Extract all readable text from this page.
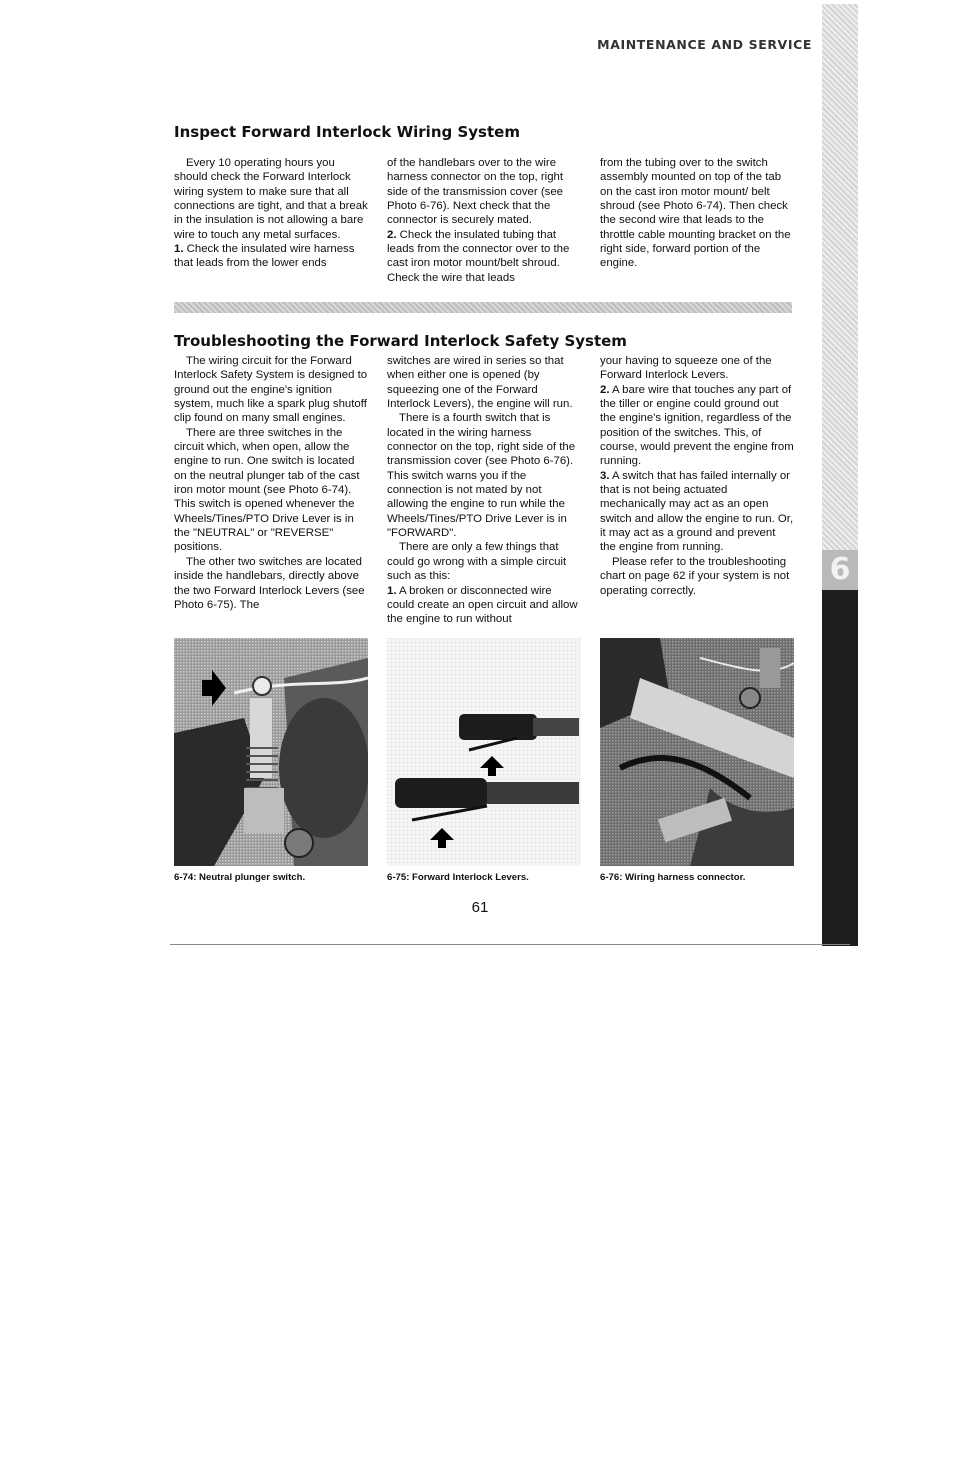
MAINTENANCE AND SERVICE
6
Inspect Forward Interlock Wiring System

Every 10 operating hours you should check the Forward Interlock wiring system to make sure that all connections are tight, and that a break in the insulation is not allowing a bare wire to touch any metal surfaces.

1. Check the insulated wire harness that leads from the lower ends

of the handlebars over to the wire harness connector on the top, right side of the transmission cover (see Photo 6-76). Next check that the connector is securely mated.

2. Check the insulated tubing that leads from the connector over to the cast iron motor mount/belt shroud. Check the wire that leads

from the tubing over to the switch assembly mounted on top of the tab on the cast iron motor mount/ belt shroud (see Photo 6-74). Then check the second wire that leads to the throttle cable mounting bracket on the right side, forward portion of the engine.

Troubleshooting the Forward Interlock Safety System

The wiring circuit for the Forward Interlock Safety System is designed to ground out the engine's ignition system, much like a spark plug shutoff clip found on many small engines.

There are three switches in the circuit which, when open, allow the engine to run. One switch is located on the neutral plunger tab of the cast iron motor mount (see Photo 6-74). This switch is opened whenever the Wheels/Tines/PTO Drive Lever is in the "NEUTRAL" or "REVERSE" positions.

The other two switches are located inside the handlebars, directly above the two Forward Interlock Levers (see Photo 6-75). The

switches are wired in series so that when either one is opened (by squeezing one of the Forward Interlock Levers), the engine will run.

There is a fourth switch that is located in the wiring harness connector on the top, right side of the transmission cover (see Photo 6-76). This switch warns you if the connection is not mated by not allowing the engine to run while the Wheels/Tines/PTO Drive Lever is in "FORWARD".

There are only a few things that could go wrong with a simple circuit such as this:

1. A broken or disconnected wire could create an open circuit and allow the engine to run without

your having to squeeze one of the Forward Interlock Levers.

2. A bare wire that touches any part of the tiller or engine could ground out the engine's ignition, regardless of the position of the switches. This, of course, would prevent the engine from running.

3. A switch that has failed internally or that is not being actuated mechanically may act as an open switch and allow the engine to run. Or, it may act as a ground and prevent the engine from running.

Please refer to the troubleshooting chart on page 62 if your system is not operating correctly.

6-74: Neutral plunger switch.	6-75: Forward Interlock Levers.	6-76: Wiring harness connector.
61
